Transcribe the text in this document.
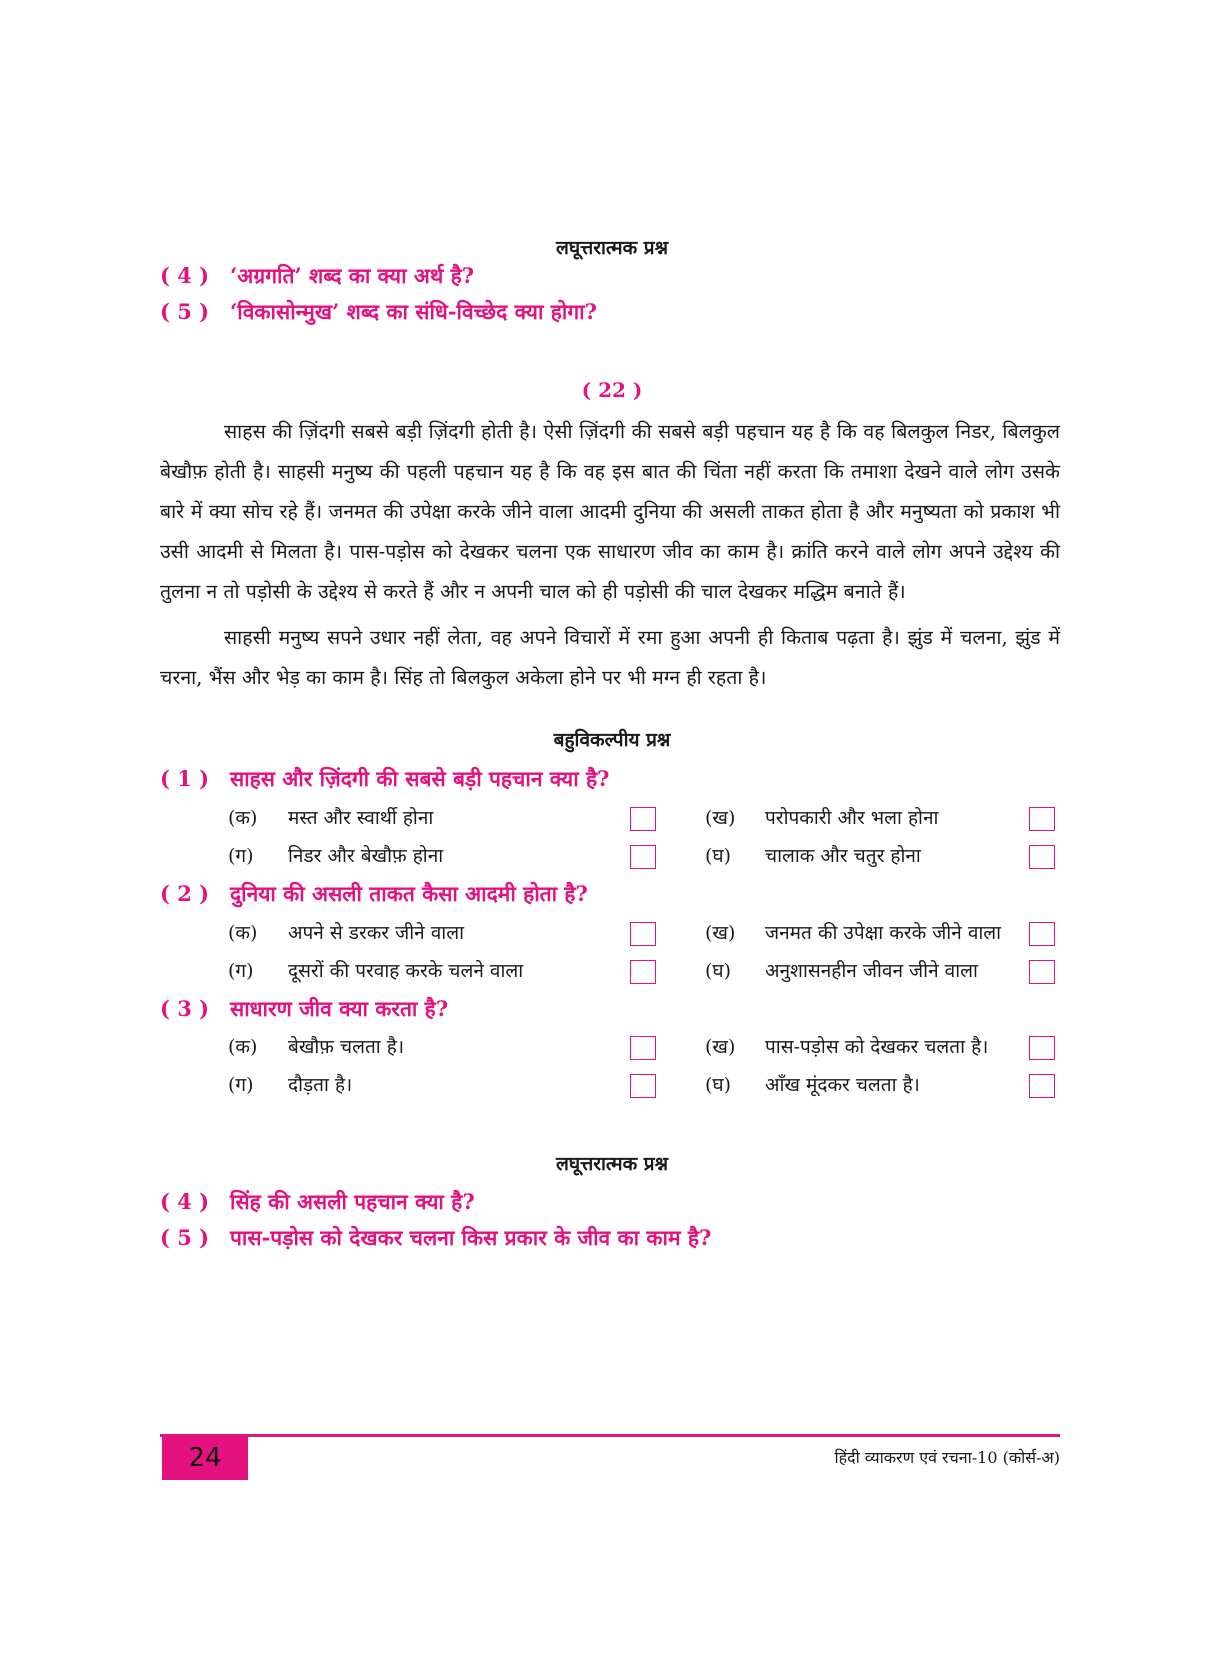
लघूत्तरात्मक प्रश्न
( 4 ) ‘अग्रगति’ शब्द का क्या अर्थ है?
( 5 ) ‘विकासोन्मुख’ शब्द का संधि-विच्छेद क्या होगा?
( 22 )

साहस की ज़िंदगी सबसे बड़ी ज़िंदगी होती है। ऐसी ज़िंदगी की सबसे बड़ी पहचान यह है कि वह बिलकुल निडर, बिलकुल बेखौफ़ होती है। साहसी मनुष्य की पहली पहचान यह है कि वह इस बात की चिंता नहीं करता कि तमाशा देखने वाले लोग उसके बारे में क्या सोच रहे हैं। जनमत की उपेक्षा करके जीने वाला आदमी दुनिया की असली ताकत होता है और मनुष्यता को प्रकाश भी उसी आदमी से मिलता है। पास-पड़ोस को देखकर चलना एक साधारण जीव का काम है। क्रांति करने वाले लोग अपने उद्देश्य की तुलना न तो पड़ोसी के उद्देश्य से करते हैं और न अपनी चाल को ही पड़ोसी की चाल देखकर मद्धिम बनाते हैं।

साहसी मनुष्य सपने उधार नहीं लेता, वह अपने विचारों में रमा हुआ अपनी ही किताब पढ़ता है। झुंड में चलना, झुंड में चरना, भैंस और भेड़ का काम है। सिंह तो बिलकुल अकेला होने पर भी मग्न ही रहता है।

बहुविकल्पीय प्रश्न
( 1 ) साहस और ज़िंदगी की सबसे बड़ी पहचान क्या है?
(क) मस्त और स्वार्थी होना	(ख) परोपकारी और भला होना
(ग) निडर और बेखौफ़ होना	(घ) चालाक और चतुर होना
( 2 ) दुनिया की असली ताकत कैसा आदमी होता है?
(क) अपने से डरकर जीने वाला	(ख) जनमत की उपेक्षा करके जीने वाला
(ग) दूसरों की परवाह करके चलने वाला	(घ) अनुशासनहीन जीवन जीने वाला
( 3 ) साधारण जीव क्या करता है?
(क) बेखौफ़ चलता है।	(ख) पास-पड़ोस को देखकर चलता है।
(ग) दौड़ता है।	(घ) आँख मूंदकर चलता है।
लघूत्तरात्मक प्रश्न
( 4 ) सिंह की असली पहचान क्या है?
( 5 ) पास-पड़ोस को देखकर चलना किस प्रकार के जीव का काम है?
24	हिंदी व्याकरण एवं रचना-10 (कोर्स-अ)
